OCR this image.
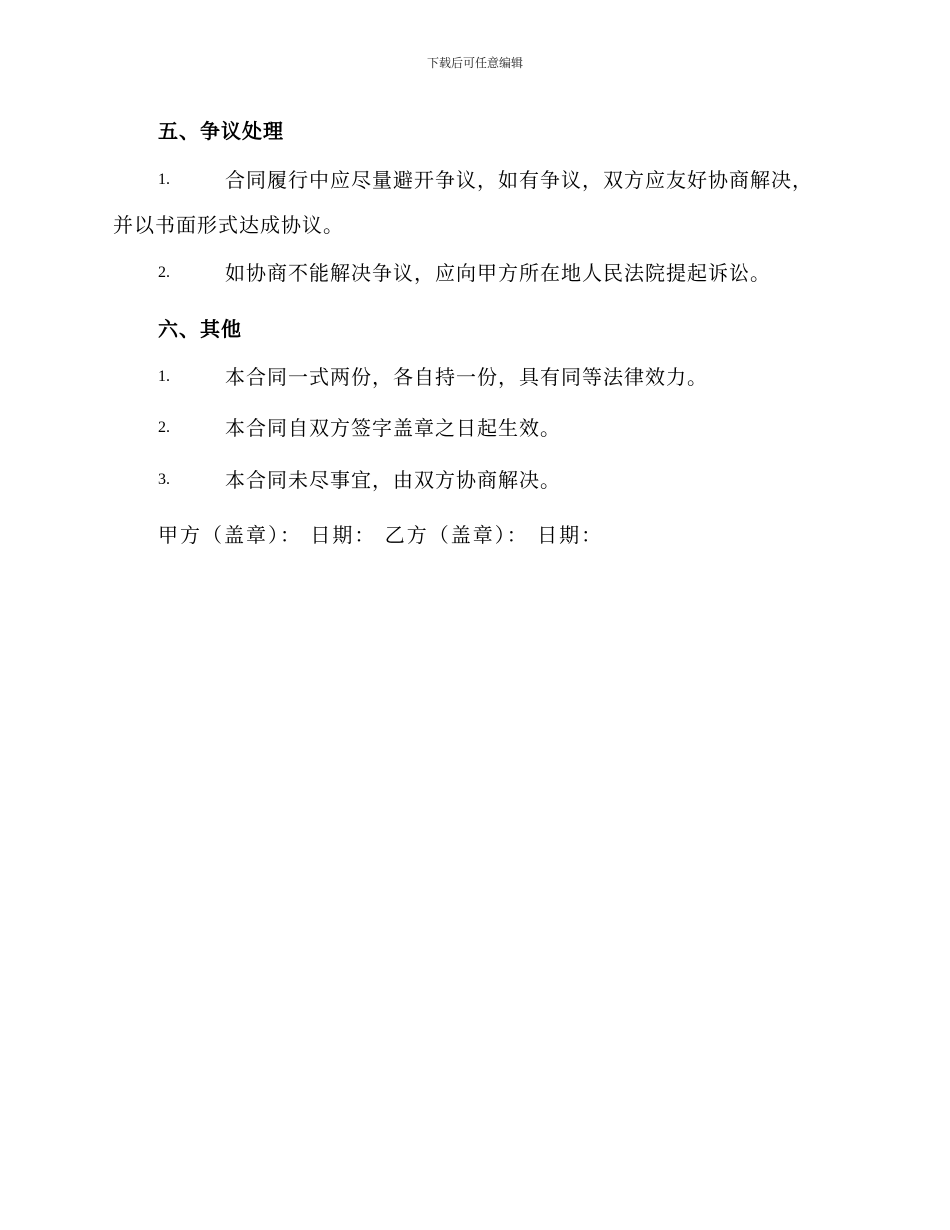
下载后可任意编辑
五、争议处理
1.	合同履行中应尽量避开争议，如有争议，双方应友好协商解决，
并以书面形式达成协议。
2.	如协商不能解决争议，应向甲方所在地人民法院提起诉讼。
六、其他
1.	本合同一式两份，各自持一份，具有同等法律效力。
2.	本合同自双方签字盖章之日起生效。
3.	本合同未尽事宜，由双方协商解决。
甲方（盖章）： 日期： 乙方（盖章）： 日期：
